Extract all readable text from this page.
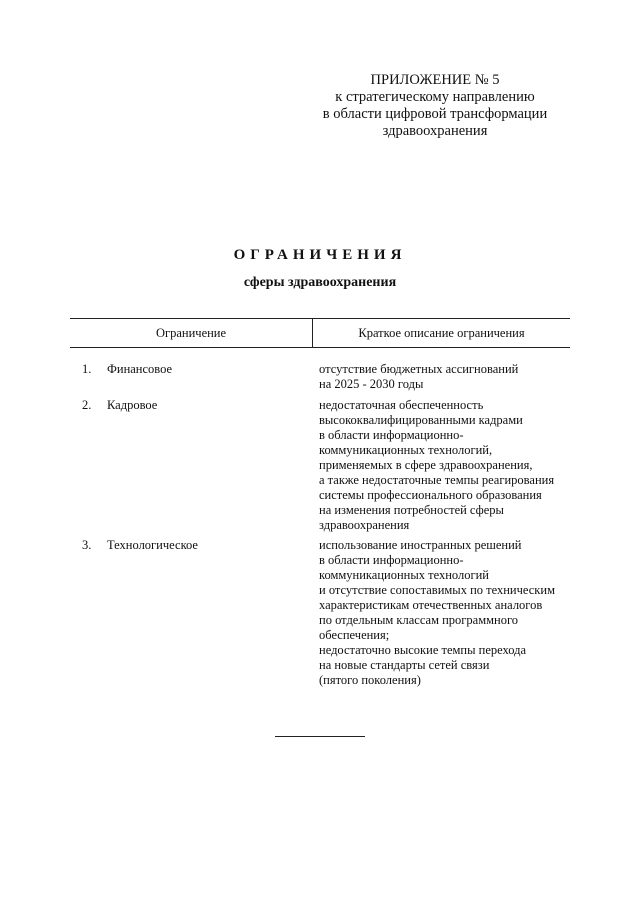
ПРИЛОЖЕНИЕ № 5
к стратегическому направлению
в области цифровой трансформации
здравоохранения
ОГРАНИЧЕНИЯ
сферы здравоохранения
Ограничение	Краткое описание ограничения
1. Финансовое	отсутствие бюджетных ассигнований
на 2025 - 2030 годы
2. Кадровое	недостаточная обеспеченность
высококвалифицированными кадрами
в области информационно-
коммуникационных технологий,
применяемых в сфере здравоохранения,
а также недостаточные темпы реагирования
системы профессионального образования
на изменения потребностей сферы
здравоохранения
3. Технологическое	использование иностранных решений
в области информационно-
коммуникационных технологий
и отсутствие сопоставимых по техническим
характеристикам отечественных аналогов
по отдельным классам программного
обеспечения;
недостаточно высокие темпы перехода
на новые стандарты сетей связи
(пятого поколения)
